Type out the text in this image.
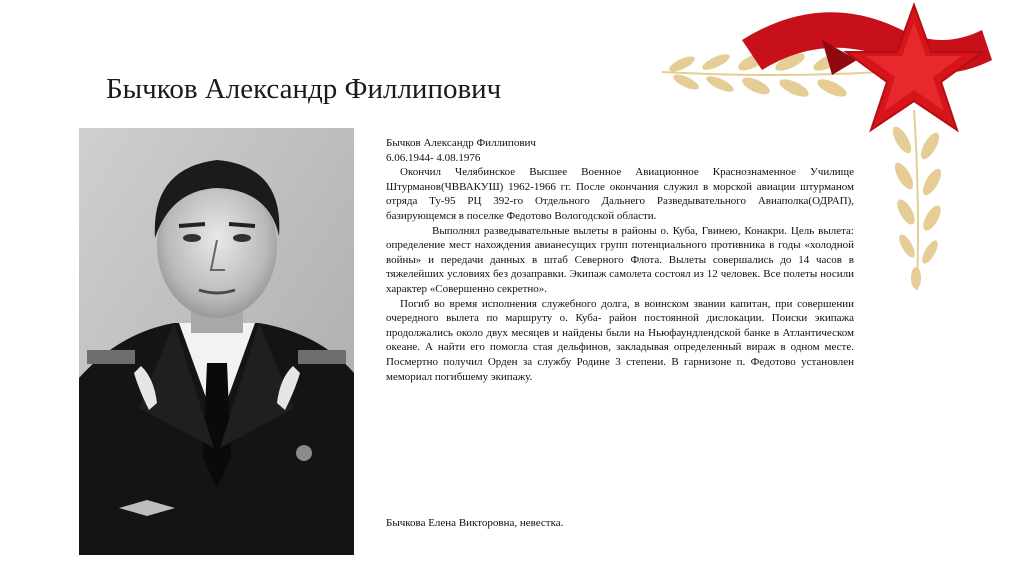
Бычков Александр Филлипович

Бычков Александр Филлипович

6.06.1944- 4.08.1976

Окончил Челябинское Высшее Военное Авиационное Краснознаменное Училище Штурманов(ЧВВАКУШ) 1962-1966 гг. После окончания служил в морской авиации штурманом отряда Ту-95 РЦ 392-го Отдельного Дальнего Разведывательного Авиаполка(ОДРАП), базирующемся в поселке Федотово Вологодской области.

Выполнял разведывательные вылеты в районы о. Куба, Гвинею, Конакри. Цель вылета: определение мест нахождения авианесущих групп потенциального противника в годы «холодной войны» и передачи данных в штаб Северного Флота. Вылеты совершались до 14 часов в тяжелейших условиях без дозаправки. Экипаж самолета состоял из 12 человек. Все полеты носили характер «Совершенно секретно».

Погиб во время исполнения служебного долга, в воинском звании капитан, при совершении очередного вылета по маршруту о. Куба- район постоянной дислокации. Поиски экипажа продолжались около двух месяцев и найдены были на Ньюфаундлендской банке в Атлантическом океане. А найти его помогла стая дельфинов, закладывая определенный вираж в одном месте. Посмертно получил Орден за службу Родине 3 степени. В гарнизоне п. Федотово установлен мемориал погибшему экипажу.

Бычкова Елена Викторовна, невестка.
